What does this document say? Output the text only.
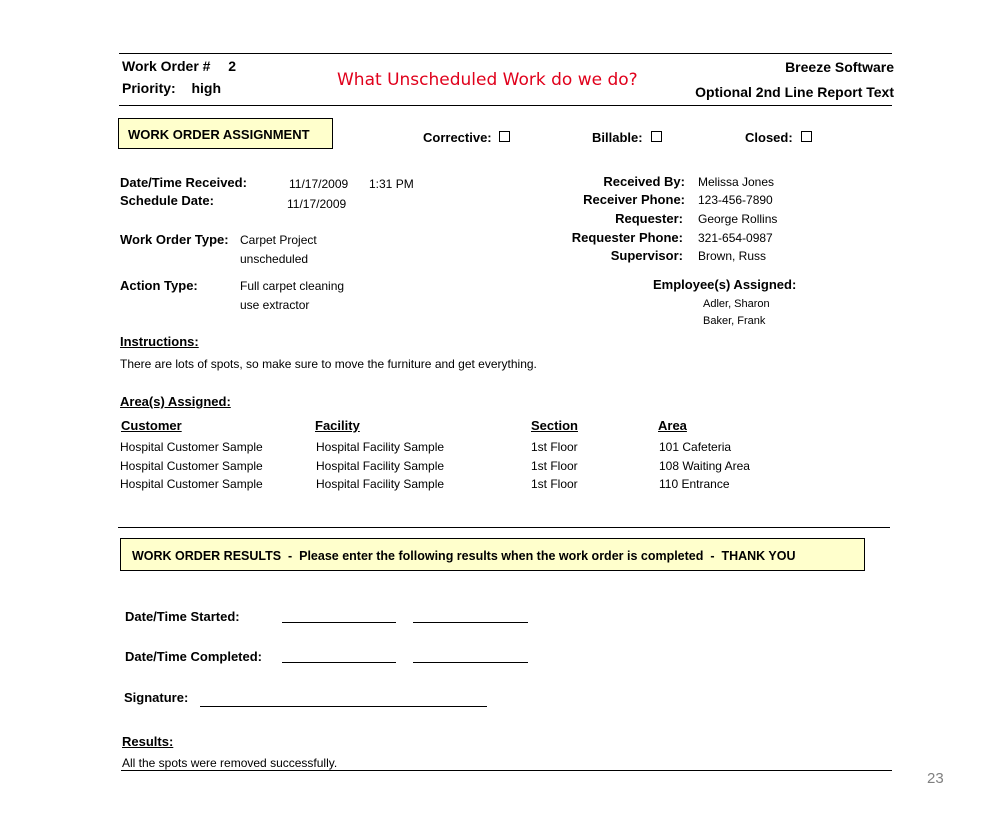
Work Order # 2
Priority: high	What Unscheduled Work do we do?
Breeze Software
Optional 2nd Line Report Text
WORK ORDER ASSIGNMENT	Corrective:	Billable:	Closed:
Date/Time Received:	11/17/2009 1:31 PM
Schedule Date:	11/17/2009
Work Order Type: Carpet Project
unscheduled
Action Type:	Full carpet cleaning
use extractor
Received By: Melissa Jones
Receiver Phone: 123-456-7890
Requester: George Rollins
Requester Phone: 321-654-0987
Supervisor: Brown, Russ
Employee(s) Assigned:
Adler, Sharon
Baker, Frank
Instructions:
There are lots of spots, so make sure to move the furniture and get everything.
Area(s) Assigned:
Customer	Facility	Section	Area
Hospital Customer Sample	Hospital Facility Sample	1st Floor	101 Cafeteria
Hospital Customer Sample	Hospital Facility Sample	1st Floor	108 Waiting Area
Hospital Customer Sample	Hospital Facility Sample	1st Floor	110 Entrance
WORK ORDER RESULTS  -  Please enter the following results when the work order is completed  -  THANK YOU
Date/Time Started:
Date/Time Completed:
Signature:
Results:
All the spots were removed successfully.
23
